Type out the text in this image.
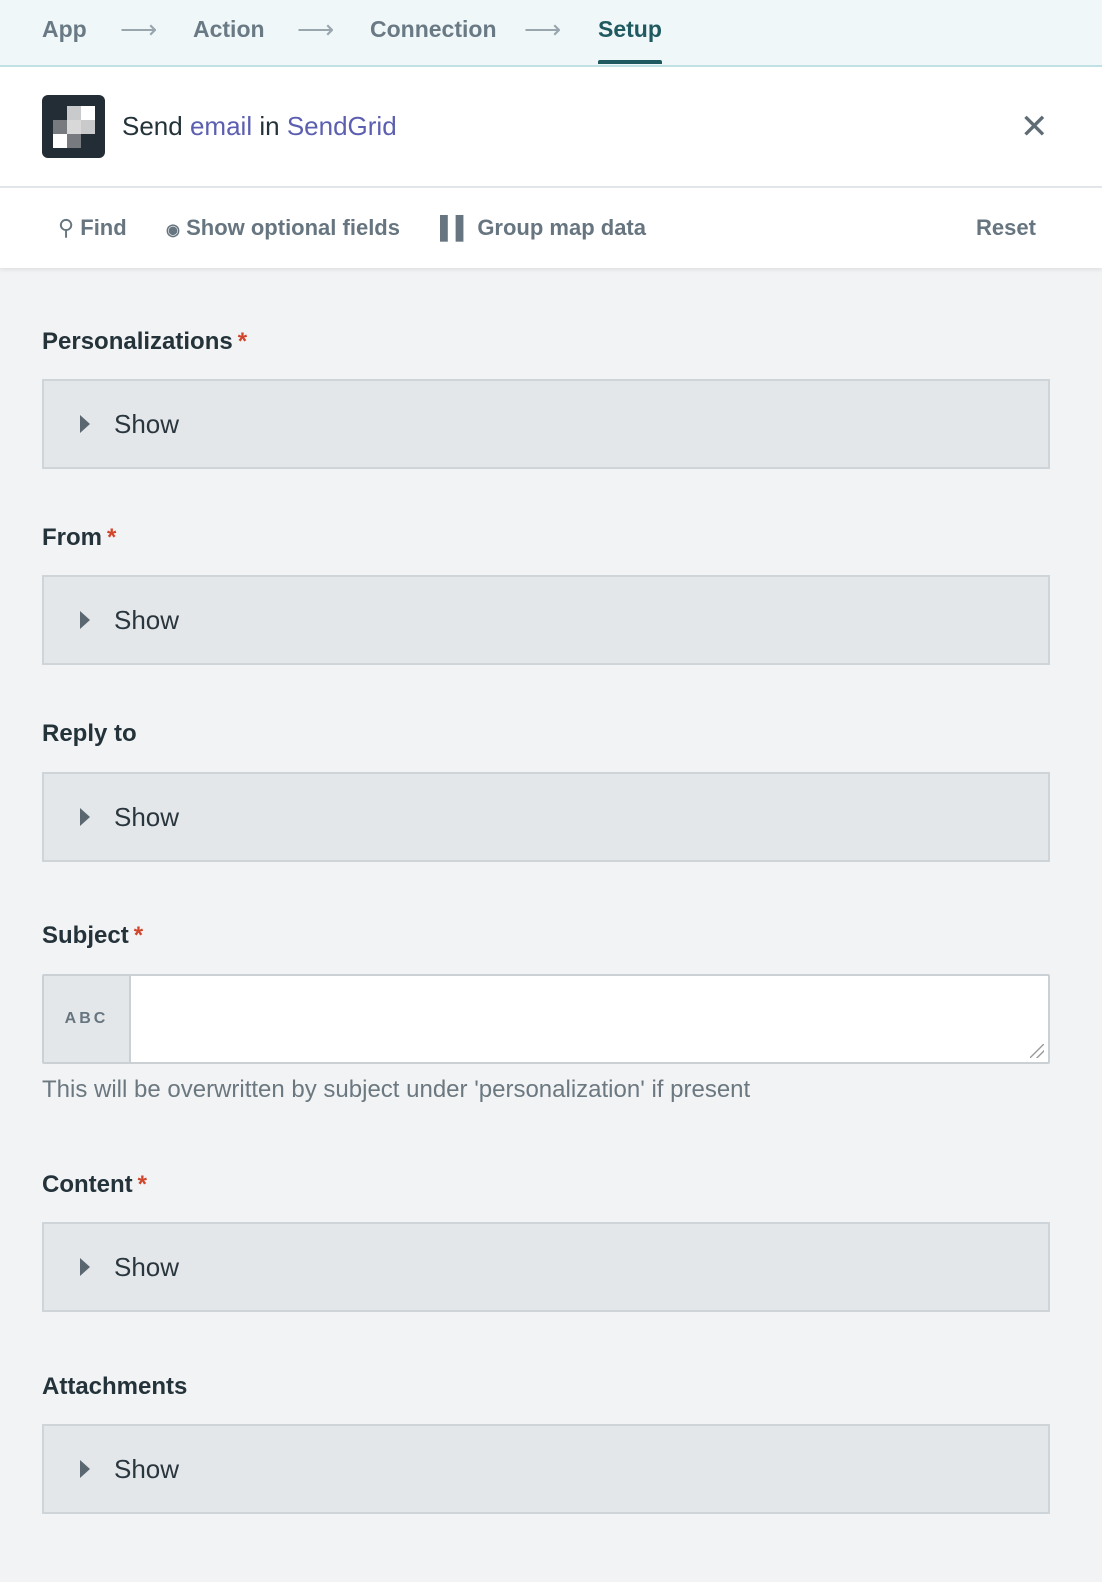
App ⟶ Action ⟶ Connection ⟶ Setup
Send email in SendGrid	✕
⚲ Find ◉ Show optional fields ▌▌ Group map data	Reset
Personalizations *
Show
From *
Show
Reply to
Show
Subject *
ABC
This will be overwritten by subject under 'personalization' if present
Content *
Show
Attachments
Show
